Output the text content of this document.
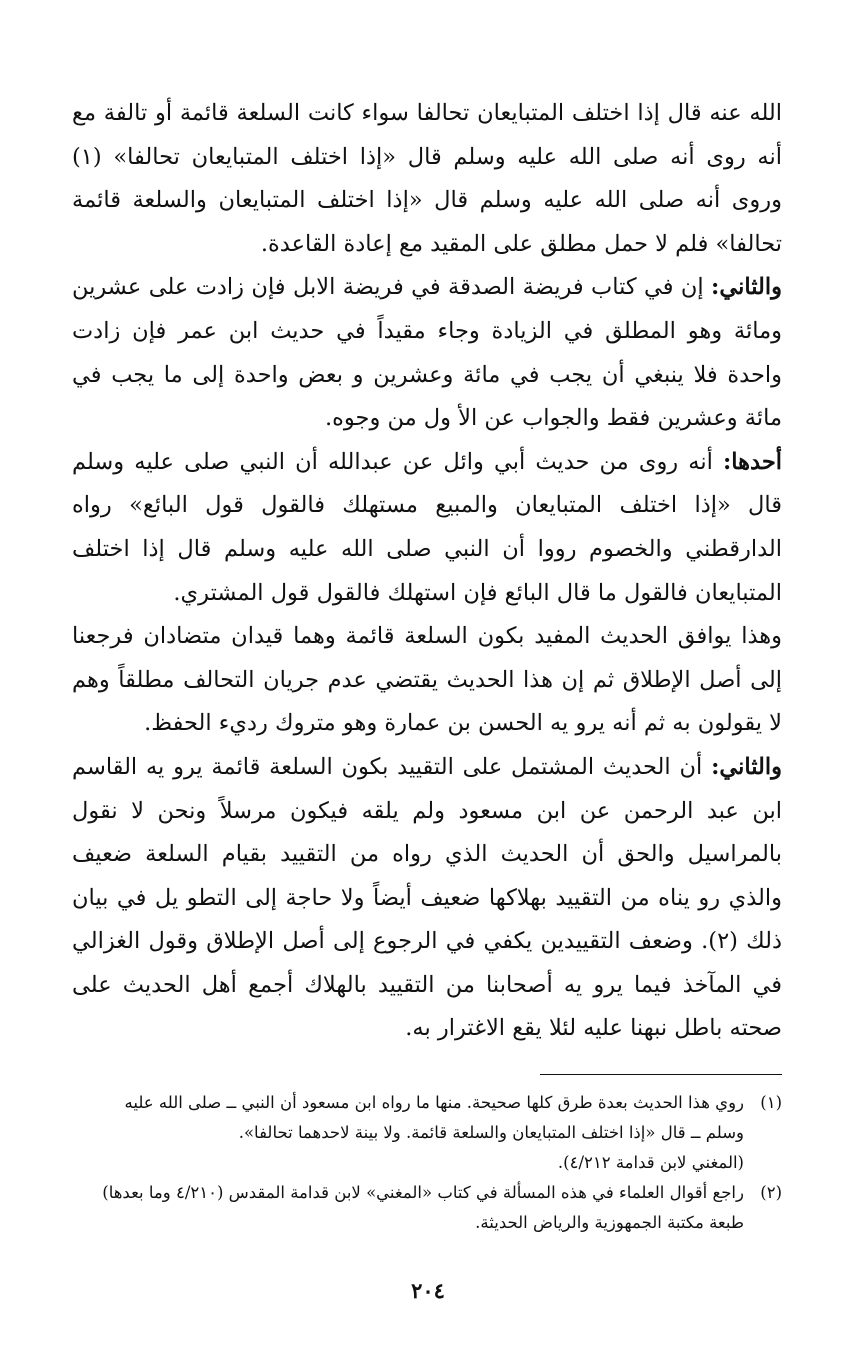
الله عنه قال إذا اختلف المتبايعان تحالفا سواء كانت السلعة قائمة أو تالفة مع أنه روى أنه صلى الله عليه وسلم قال «إذا اختلف المتبايعان تحالفا» (١) وروى أنه صلى الله عليه وسلم قال «إذا اختلف المتبايعان والسلعة قائمة تحالفا» فلم لا حمل مطلق على المقيد مع إعادة القاعدة.

والثاني: إن في كتاب فريضة الصدقة في فريضة الابل فإن زادت على عشرين ومائة وهو المطلق في الزيادة وجاء مقيداً في حديث ابن عمر فإن زادت واحدة فلا ينبغي أن يجب في مائة وعشرين و بعض واحدة إلى ما يجب في مائة وعشرين فقط والجواب عن الأ ول من وجوه.

أحدها: أنه روى من حديث أبي وائل عن عبدالله أن النبي صلى عليه وسلم قال «إذا اختلف المتبايعان والمبيع مستهلك فالقول قول البائع» رواه الدارقطني والخصوم رووا أن النبي صلى الله عليه وسلم قال إذا اختلف المتبايعان فالقول ما قال البائع فإن استهلك فالقول قول المشتري.

وهذا يوافق الحديث المفيد بكون السلعة قائمة وهما قيدان متضادان فرجعنا إلى أصل الإطلاق ثم إن هذا الحديث يقتضي عدم جريان التحالف مطلقاً وهم لا يقولون به ثم أنه يرو يه الحسن بن عمارة وهو متروك رديء الحفظ.

والثاني: أن الحديث المشتمل على التقييد بكون السلعة قائمة يرو يه القاسم ابن عبد الرحمن عن ابن مسعود ولم يلقه فيكون مرسلاً ونحن لا نقول بالمراسيل والحق أن الحديث الذي رواه من التقييد بقيام السلعة ضعيف والذي رو يناه من التقييد بهلاكها ضعيف أيضاً ولا حاجة إلى التطو يل في بيان ذلك (٢). وضعف التقييدين يكفي في الرجوع إلى أصل الإطلاق وقول الغزالي في المآخذ فيما يرو يه أصحابنا من التقييد بالهلاك أجمع أهل الحديث على صحته باطل نبهنا عليه لئلا يقع الاغترار به.

(١)

روي هذا الحديث بعدة طرق كلها صحيحة. منها ما رواه ابن مسعود أن النبي ــ صلى الله عليه وسلم ــ قال «إذا اختلف المتبايعان والسلعة قائمة. ولا بينة لاحدهما تحالفا».

(المغني لابن قدامة ٤/٢١٢).

(٢)

راجع أقوال العلماء في هذه المسألة في كتاب «المغني» لابن قدامة المقدس (٤/٢١٠ وما بعدها) طبعة مكتبة الجمهوزية والرياض الحديثة.

٢٠٤
